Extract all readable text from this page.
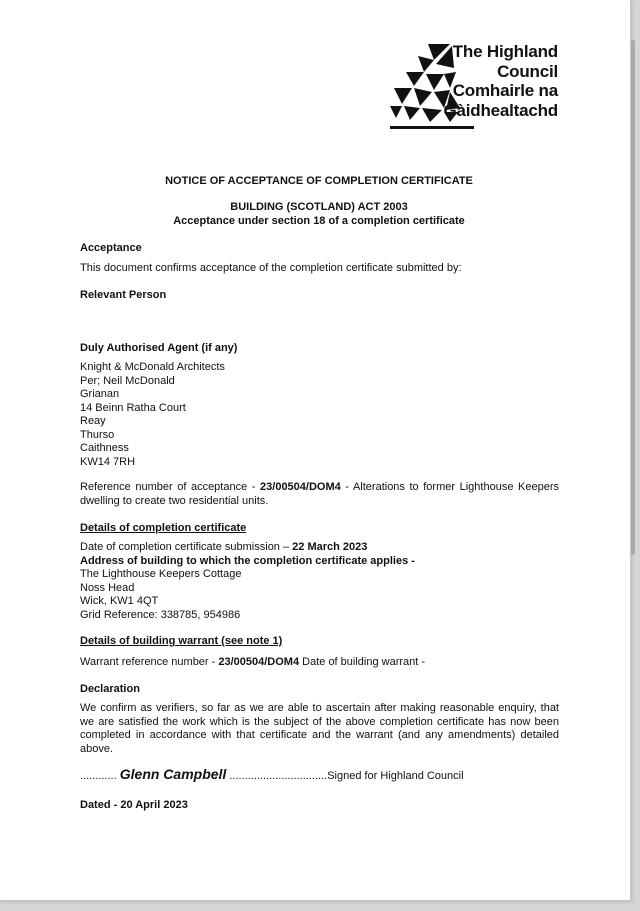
The Highland
Council
Comhairle na
Gàidhealtachd
NOTICE OF ACCEPTANCE OF COMPLETION CERTIFICATE
BUILDING (SCOTLAND) ACT 2003
Acceptance under section 18 of a completion certificate
Acceptance
This document confirms acceptance of the completion certificate submitted by:
Relevant Person
Duly Authorised Agent (if any)
Knight & McDonald Architects
Per; Neil McDonald
Grianan
14 Beinn Ratha Court
Reay
Thurso
Caithness
KW14 7RH
Reference number of acceptance - 23/00504/DOM4 - Alterations to former Lighthouse Keepers dwelling to create two residential units.
Details of completion certificate
Date of completion certificate submission – 22 March 2023
Address of building to which the completion certificate applies -
The Lighthouse Keepers Cottage
Noss Head
Wick, KW1 4QT
Grid Reference: 338785, 954986
Details of building warrant (see note 1)
Warrant reference number - 23/00504/DOM4 Date of building warrant -
Declaration
We confirm as verifiers, so far as we are able to ascertain after making reasonable enquiry, that we are satisfied the work which is the subject of the above completion certificate has now been completed in accordance with that certificate and the warrant (and any amendments) detailed above.
............ Glenn Campbell ................................Signed for Highland Council
Dated - 20 April 2023
